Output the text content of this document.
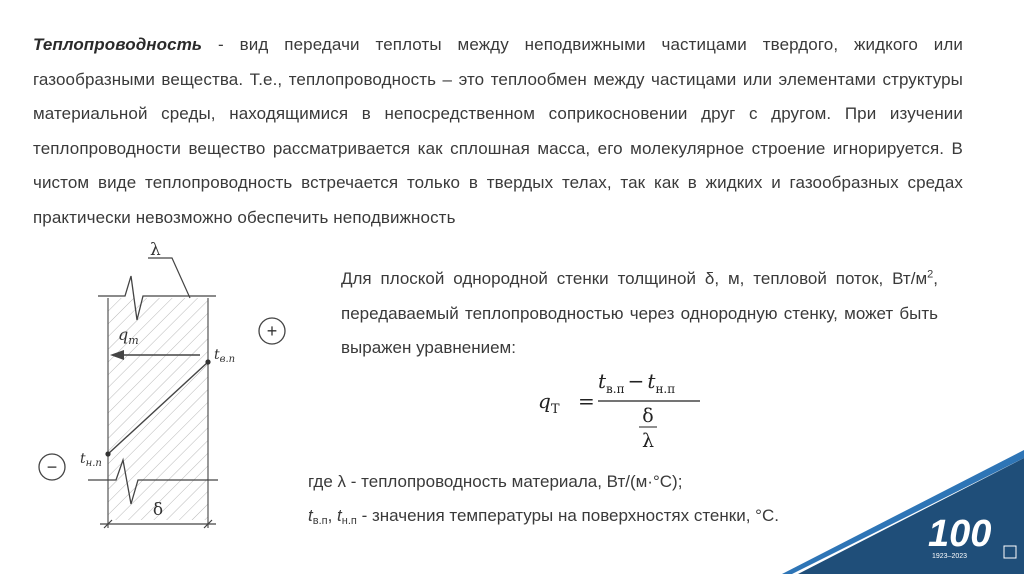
Теплопроводность - вид передачи теплоты между неподвижными частицами твердого, жидкого или газообразными вещества. Т.е., теплопроводность – это теплообмен между частицами или элементами структуры материальной среды, находящимися в непосредственном соприкосновении друг с другом. При изучении теплопроводности вещество рассматривается как сплошная масса, его молекулярное строение игнорируется. В чистом виде теплопроводность встречается только в твердых телах, так как в жидких и газообразных средах практически невозможно обеспечить неподвижность
λ
$q_т$
$t_{в.п}$
$t_{н.п}$
+
−
δ
Для плоской однородной стенки толщиной δ, м, тепловой поток, $Вт/м^2$, передаваемый теплопроводностью через однородную стенку, может быть выражен уравнением:
$q_T$ =
$t_{в.п} - t_{н.п}$
δ
λ
где λ - теплопроводность материала, Вт/(м·°С);
$t_{в.п}$, $t_{н.п}$ - значения температуры на поверхностях стенки, °С.	100
1923–2023
